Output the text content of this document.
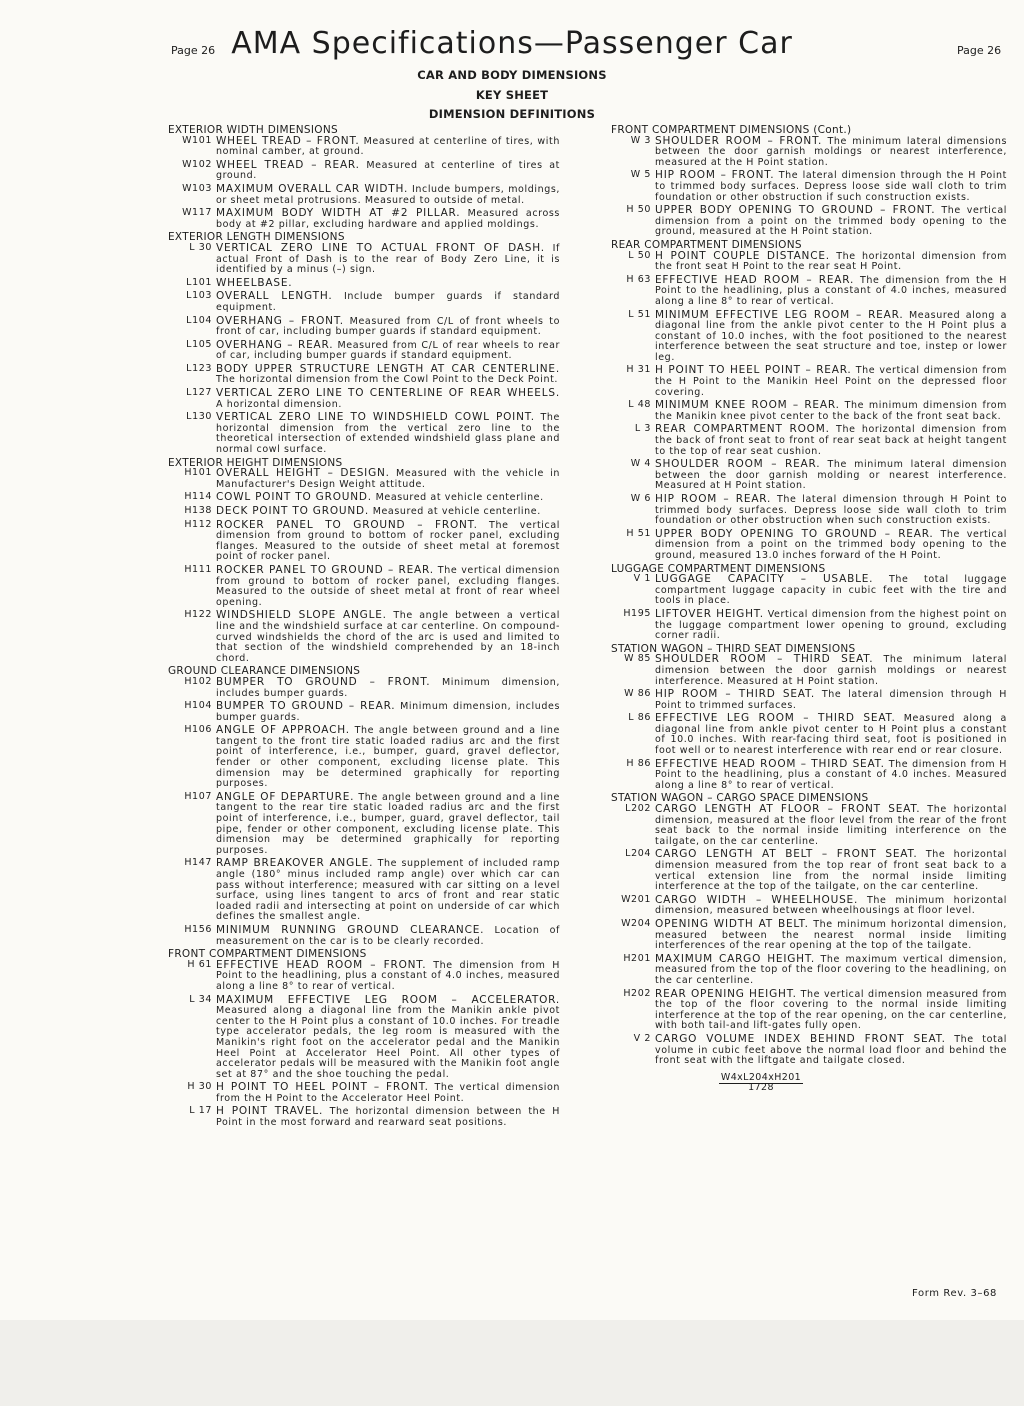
Page 26 AMA Specifications—Passenger Car	Page 26
CAR AND BODY DIMENSIONS
KEY SHEET
DIMENSION DEFINITIONS
EXTERIOR WIDTH DIMENSIONS
W101 WHEEL TREAD – FRONT. Measured at centerline of tires, with nominal camber, at ground.
W102 WHEEL TREAD – REAR. Measured at centerline of tires at ground.
W103 MAXIMUM OVERALL CAR WIDTH. Include bumpers, moldings, or sheet metal protrusions. Measured to outside of metal.
W117 MAXIMUM BODY WIDTH AT #2 PILLAR. Measured across body at #2 pillar, excluding hardware and applied moldings.
EXTERIOR LENGTH DIMENSIONS
L 30 VERTICAL ZERO LINE TO ACTUAL FRONT OF DASH. If actual Front of Dash is to the rear of Body Zero Line, it is identified by a minus (–) sign.
L101 WHEELBASE.
L103 OVERALL LENGTH. Include bumper guards if standard equipment.
L104 OVERHANG – FRONT. Measured from C/L of front wheels to front of car, including bumper guards if standard equipment.
L105 OVERHANG – REAR. Measured from C/L of rear wheels to rear of car, including bumper guards if standard equipment.
L123 BODY UPPER STRUCTURE LENGTH AT CAR CENTERLINE. The horizontal dimension from the Cowl Point to the Deck Point.
L127 VERTICAL ZERO LINE TO CENTERLINE OF REAR WHEELS. A horizontal dimension.
L130 VERTICAL ZERO LINE TO WINDSHIELD COWL POINT. The horizontal dimension from the vertical zero line to the theoretical intersection of extended windshield glass plane and normal cowl surface.
EXTERIOR HEIGHT DIMENSIONS
H101 OVERALL HEIGHT – DESIGN. Measured with the vehicle in Manufacturer's Design Weight attitude.
H114 COWL POINT TO GROUND. Measured at vehicle centerline.
H138 DECK POINT TO GROUND. Measured at vehicle centerline.
H112 ROCKER PANEL TO GROUND – FRONT. The vertical dimension from ground to bottom of rocker panel, excluding flanges. Measured to the outside of sheet metal at foremost point of rocker panel.
H111 ROCKER PANEL TO GROUND – REAR. The vertical dimension from ground to bottom of rocker panel, excluding flanges. Measured to the outside of sheet metal at front of rear wheel opening.
H122 WINDSHIELD SLOPE ANGLE. The angle between a vertical line and the windshield surface at car centerline. On compound-curved windshields the chord of the arc is used and limited to that section of the windshield comprehended by an 18-inch chord.
GROUND CLEARANCE DIMENSIONS
H102 BUMPER TO GROUND – FRONT. Minimum dimension, includes bumper guards.
H104 BUMPER TO GROUND – REAR. Minimum dimension, includes bumper guards.
H106 ANGLE OF APPROACH. The angle between ground and a line tangent to the front tire static loaded radius arc and the first point of interference, i.e., bumper, guard, gravel deflector, fender or other component, excluding license plate. This dimension may be determined graphically for reporting purposes.
H107 ANGLE OF DEPARTURE. The angle between ground and a line tangent to the rear tire static loaded radius arc and the first point of interference, i.e., bumper, guard, gravel deflector, tail pipe, fender or other component, excluding license plate. This dimension may be determined graphically for reporting purposes.
H147 RAMP BREAKOVER ANGLE. The supplement of included ramp angle (180° minus included ramp angle) over which car can pass without interference; measured with car sitting on a level surface, using lines tangent to arcs of front and rear static loaded radii and intersecting at point on underside of car which defines the smallest angle.
H156 MINIMUM RUNNING GROUND CLEARANCE. Location of measurement on the car is to be clearly recorded.
FRONT COMPARTMENT DIMENSIONS
H 61 EFFECTIVE HEAD ROOM – FRONT. The dimension from H Point to the headlining, plus a constant of 4.0 inches, measured along a line 8° to rear of vertical.
L 34 MAXIMUM EFFECTIVE LEG ROOM – ACCELERATOR. Measured along a diagonal line from the Manikin ankle pivot center to the H Point plus a constant of 10.0 inches. For treadle type accelerator pedals, the leg room is measured with the Manikin's right foot on the accelerator pedal and the Manikin Heel Point at Accelerator Heel Point. All other types of accelerator pedals will be measured with the Manikin foot angle set at 87° and the shoe touching the pedal.
H 30 H POINT TO HEEL POINT – FRONT. The vertical dimension from the H Point to the Accelerator Heel Point.
L 17 H POINT TRAVEL. The horizontal dimension between the H Point in the most forward and rearward seat positions.
FRONT COMPARTMENT DIMENSIONS (Cont.)
W 3 SHOULDER ROOM – FRONT. The minimum lateral dimensions between the door garnish moldings or nearest interference, measured at the H Point station.
W 5 HIP ROOM – FRONT. The lateral dimension through the H Point to trimmed body surfaces. Depress loose side wall cloth to trim foundation or other obstruction if such construction exists.
H 50 UPPER BODY OPENING TO GROUND – FRONT. The vertical dimension from a point on the trimmed body opening to the ground, measured at the H Point station.
REAR COMPARTMENT DIMENSIONS
L 50 H POINT COUPLE DISTANCE. The horizontal dimension from the front seat H Point to the rear seat H Point.
H 63 EFFECTIVE HEAD ROOM – REAR. The dimension from the H Point to the headlining, plus a constant of 4.0 inches, measured along a line 8° to rear of vertical.
L 51 MINIMUM EFFECTIVE LEG ROOM – REAR. Measured along a diagonal line from the ankle pivot center to the H Point plus a constant of 10.0 inches, with the foot positioned to the nearest interference between the seat structure and toe, instep or lower leg.
H 31 H POINT TO HEEL POINT – REAR. The vertical dimension from the H Point to the Manikin Heel Point on the depressed floor covering.
L 48 MINIMUM KNEE ROOM – REAR. The minimum dimension from the Manikin knee pivot center to the back of the front seat back.
L 3 REAR COMPARTMENT ROOM. The horizontal dimension from the back of front seat to front of rear seat back at height tangent to the top of rear seat cushion.
W 4 SHOULDER ROOM – REAR. The minimum lateral dimension between the door garnish molding or nearest interference. Measured at H Point station.
W 6 HIP ROOM – REAR. The lateral dimension through H Point to trimmed body surfaces. Depress loose side wall cloth to trim foundation or other obstruction when such construction exists.
H 51 UPPER BODY OPENING TO GROUND – REAR. The vertical dimension from a point on the trimmed body opening to the ground, measured 13.0 inches forward of the H Point.
LUGGAGE COMPARTMENT DIMENSIONS
V 1 LUGGAGE CAPACITY – USABLE. The total luggage compartment luggage capacity in cubic feet with the tire and tools in place.
H195 LIFTOVER HEIGHT. Vertical dimension from the highest point on the luggage compartment lower opening to ground, excluding corner radii.
STATION WAGON – THIRD SEAT DIMENSIONS
W 85 SHOULDER ROOM – THIRD SEAT. The minimum lateral dimension between the door garnish moldings or nearest interference. Measured at H Point station.
W 86 HIP ROOM – THIRD SEAT. The lateral dimension through H Point to trimmed surfaces.
L 86 EFFECTIVE LEG ROOM – THIRD SEAT. Measured along a diagonal line from ankle pivot center to H Point plus a constant of 10.0 inches. With rear-facing third seat, foot is positioned in foot well or to nearest interference with rear end or rear closure.
H 86 EFFECTIVE HEAD ROOM – THIRD SEAT. The dimension from H Point to the headlining, plus a constant of 4.0 inches. Measured along a line 8° to rear of vertical.
STATION WAGON – CARGO SPACE DIMENSIONS
L202 CARGO LENGTH AT FLOOR – FRONT SEAT. The horizontal dimension, measured at the floor level from the rear of the front seat back to the normal inside limiting interference on the tailgate, on the car centerline.
L204 CARGO LENGTH AT BELT – FRONT SEAT. The horizontal dimension measured from the top rear of front seat back to a vertical extension line from the normal inside limiting interference at the top of the tailgate, on the car centerline.
W201 CARGO WIDTH – WHEELHOUSE. The minimum horizontal dimension, measured between wheelhousings at floor level.
W204 OPENING WIDTH AT BELT. The minimum horizontal dimension, measured between the nearest normal inside limiting interferences of the rear opening at the top of the tailgate.
H201 MAXIMUM CARGO HEIGHT. The maximum vertical dimension, measured from the top of the floor covering to the headlining, on the car centerline.
H202 REAR OPENING HEIGHT. The vertical dimension measured from the top of the floor covering to the normal inside limiting interference at the top of the rear opening, on the car centerline, with both tail-and lift-gates fully open.
V 2 CARGO VOLUME INDEX BEHIND FRONT SEAT. The total volume in cubic feet above the normal load floor and behind the front seat with the liftgate and tailgate closed.
W4xL204xH201
1728
Form Rev. 3–68
